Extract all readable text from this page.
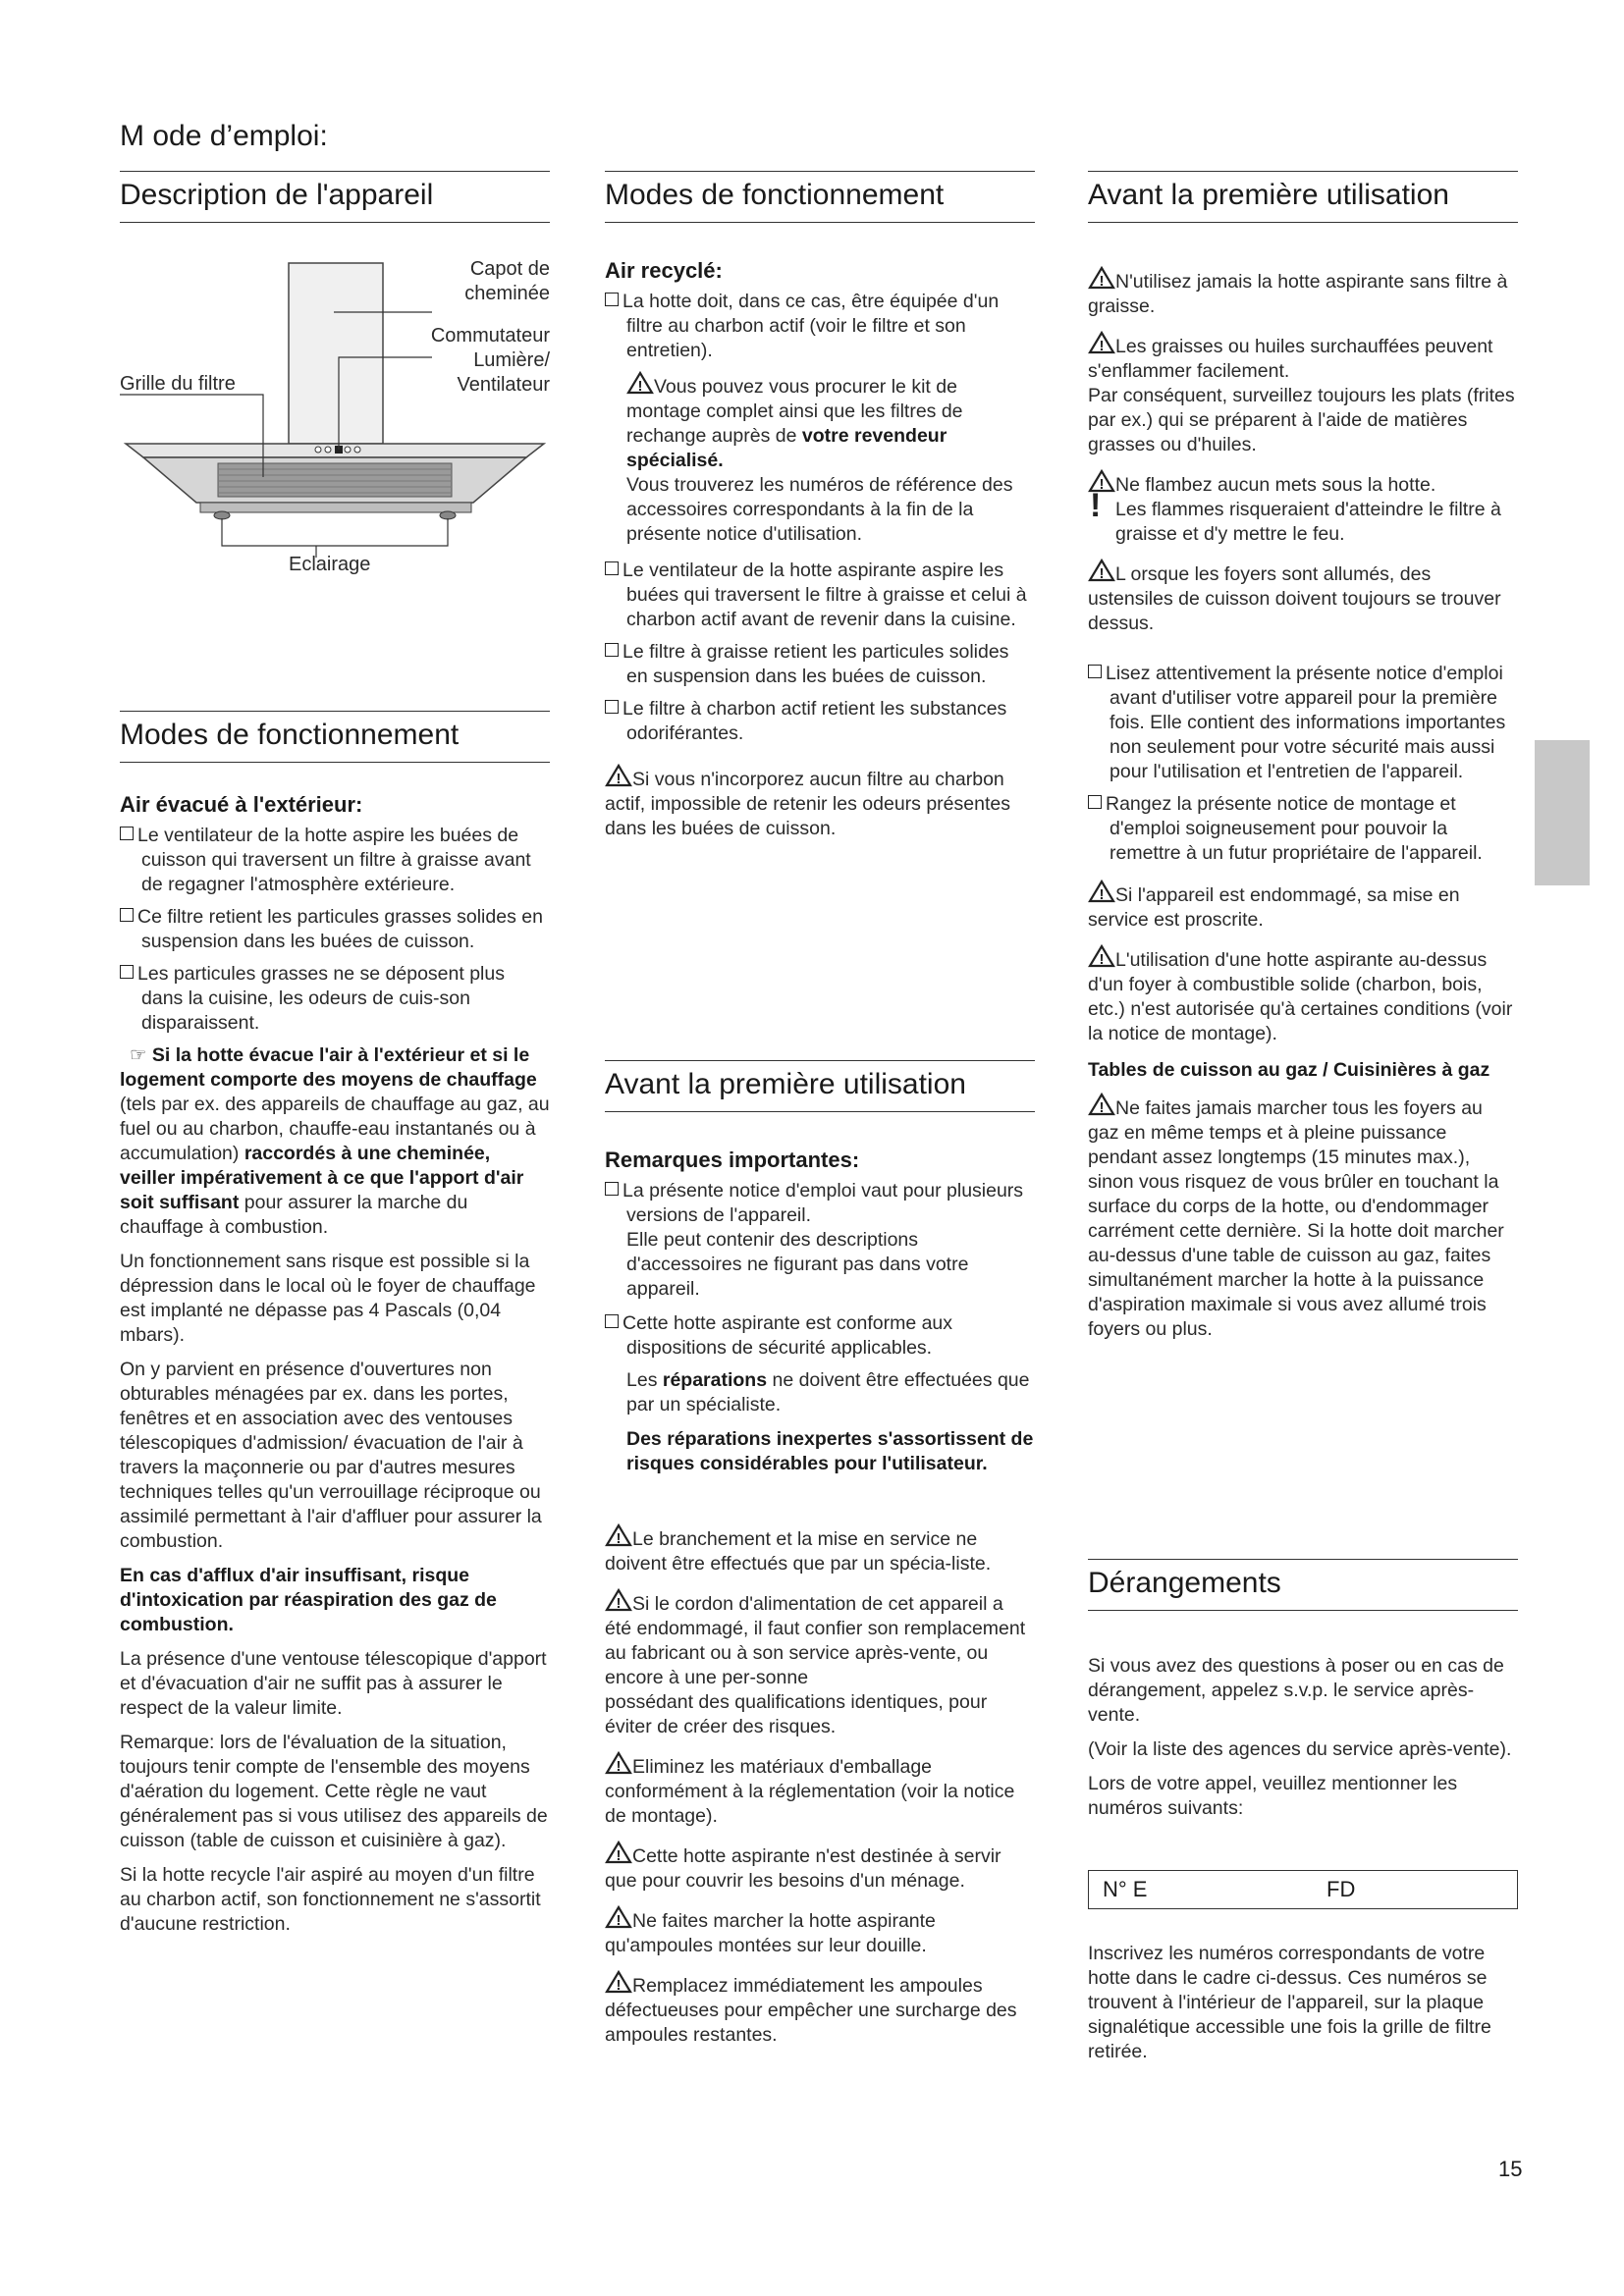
M ode d’emploi:
Description de l'appareil
Capot de
cheminée
Commutateur
Lumière/
Ventilateur
Grille du filtre
Eclairage
Modes de fonctionnement
Air évacué à l'extérieur:
Le ventilateur de la hotte aspire les buées de cuisson qui traversent un filtre à graisse avant de regagner l'atmosphère extérieure.
Ce filtre retient les particules grasses solides en suspension dans les buées de cuisson.
Les particules grasses ne se déposent plus dans la cuisine, les odeurs de cuis-son disparaissent.
☞ Si la hotte évacue l'air à l'extérieur et si le logement comporte des moyens de chauffage (tels par ex. des appareils de chauffage au gaz, au fuel ou au charbon, chauffe-eau instantanés ou à accumulation) raccordés à une cheminée, veiller impérativement à ce que l'apport d'air soit suffisant pour assurer la marche du chauffage à combustion.
Un fonctionnement sans risque est possible si la dépression dans le local où le foyer de chauffage est implanté ne dépasse pas 4 Pascals (0,04 mbars).
On y parvient en présence d'ouvertures non obturables ménagées par ex. dans les portes, fenêtres et en association avec des ventouses télescopiques d'admission/ évacuation de l'air à travers la maçonnerie ou par d'autres mesures techniques telles qu'un verrouillage réciproque ou assimilé permettant à l'air d'affluer pour assurer la combustion.
En cas d'afflux d'air insuffisant, risque d'intoxication par réaspiration des gaz de combustion.
La présence d'une ventouse télescopique d'apport et d'évacuation d'air ne suffit pas à assurer le respect de la valeur limite.
Remarque: lors de l'évaluation de la situation, toujours tenir compte de l'ensemble des moyens d'aération du logement. Cette règle ne vaut généralement pas si vous utilisez des appareils de cuisson (table de cuisson et cuisinière à gaz).
Si la hotte recycle l'air aspiré au moyen d'un filtre au charbon actif, son fonctionnement ne s'assortit d'aucune restriction.
Modes de fonctionnement
Air recyclé:
La hotte doit, dans ce cas, être équipée d'un filtre au charbon actif (voir le filtre et son entretien).
! Vous pouvez vous procurer le kit de montage complet ainsi que les filtres de rechange auprès de votre revendeur spécialisé.
Vous trouverez les numéros de référence des accessoires correspondants à la fin de la présente notice d'utilisation.
Le ventilateur de la hotte aspirante aspire les buées qui traversent le filtre à graisse et celui à charbon actif avant de revenir dans la cuisine.
Le filtre à graisse retient les particules solides en suspension dans les buées de cuisson.
Le filtre à charbon actif retient les substances odoriférantes.
! Si vous n'incorporez aucun filtre au charbon actif, impossible de retenir les odeurs présentes dans les buées de cuisson.
Avant la première utilisation
Remarques importantes:
La présente notice d'emploi vaut pour plusieurs versions de l'appareil.
Elle peut contenir des descriptions d'accessoires ne figurant pas dans votre appareil.
Cette hotte aspirante est conforme aux dispositions de sécurité applicables.
Les réparations ne doivent être effectuées que par un spécialiste.
Des réparations inexpertes s'assortissent de risques considérables pour l'utilisateur.
! Le branchement et la mise en service ne doivent être effectués que par un spécia-liste.
! Si le cordon d'alimentation de cet appareil a été endommagé, il faut confier son remplacement au fabricant ou à son service après-vente, ou encore à une per-sonne
possédant des qualifications identiques, pour éviter de créer des risques.
! Eliminez les matériaux d'emballage conformément à la réglementation (voir la notice de montage).
! Cette hotte aspirante n'est destinée à servir que pour couvrir les besoins d'un ménage.
! Ne faites marcher la hotte aspirante qu'ampoules montées sur leur douille.
! Remplacez immédiatement les ampoules défectueuses pour empêcher une surcharge des ampoules restantes.
Avant la première utilisation
! N'utilisez jamais la hotte aspirante sans filtre à graisse.
! Les graisses ou huiles surchauffées peuvent s'enflammer facilement.
Par conséquent, surveillez toujours les plats (frites par ex.) qui se préparent à l'aide de matières grasses ou d'huiles.
! Ne flambez aucun mets sous la hotte.
! Les flammes risqueraient d'atteindre le filtre à graisse et d'y mettre le feu.
! L orsque les foyers sont allumés, des ustensiles de cuisson doivent toujours se trouver dessus.
Lisez attentivement la présente notice d'emploi avant d'utiliser votre appareil pour la première fois. Elle contient des informations importantes non seulement pour votre sécurité mais aussi pour l'utilisation et l'entretien de l'appareil.
Rangez la présente notice de montage et d'emploi soigneusement pour pouvoir la remettre à un futur propriétaire de l'appareil.
! Si l'appareil est endommagé, sa mise en service est proscrite.
! L'utilisation d'une hotte aspirante au-dessus d'un foyer à combustible solide (charbon, bois, etc.) n'est autorisée qu'à certaines conditions (voir la notice de montage).
Tables de cuisson au gaz / Cuisinières à gaz
! Ne faites jamais marcher tous les foyers au gaz en même temps et à pleine puissance pendant assez longtemps (15 minutes max.), sinon vous risquez de vous brûler en touchant la surface du corps de la hotte, ou d'endommager carrément cette dernière. Si la hotte doit marcher au-dessus d'une table de cuisson au gaz, faites simultanément marcher la hotte à la puissance d'aspiration maximale si vous avez allumé trois foyers ou plus.
Dérangements
Si vous avez des questions à poser ou en cas de dérangement, appelez s.v.p. le service après-vente.
(Voir la liste des agences du service après-vente).
Lors de votre appel, veuillez mentionner les numéros suivants:
N° E	FD
Inscrivez les numéros correspondants de votre hotte dans le cadre ci-dessus. Ces numéros se trouvent à l'intérieur de l'appareil, sur la plaque signalétique accessible une fois la grille de filtre retirée.
15
